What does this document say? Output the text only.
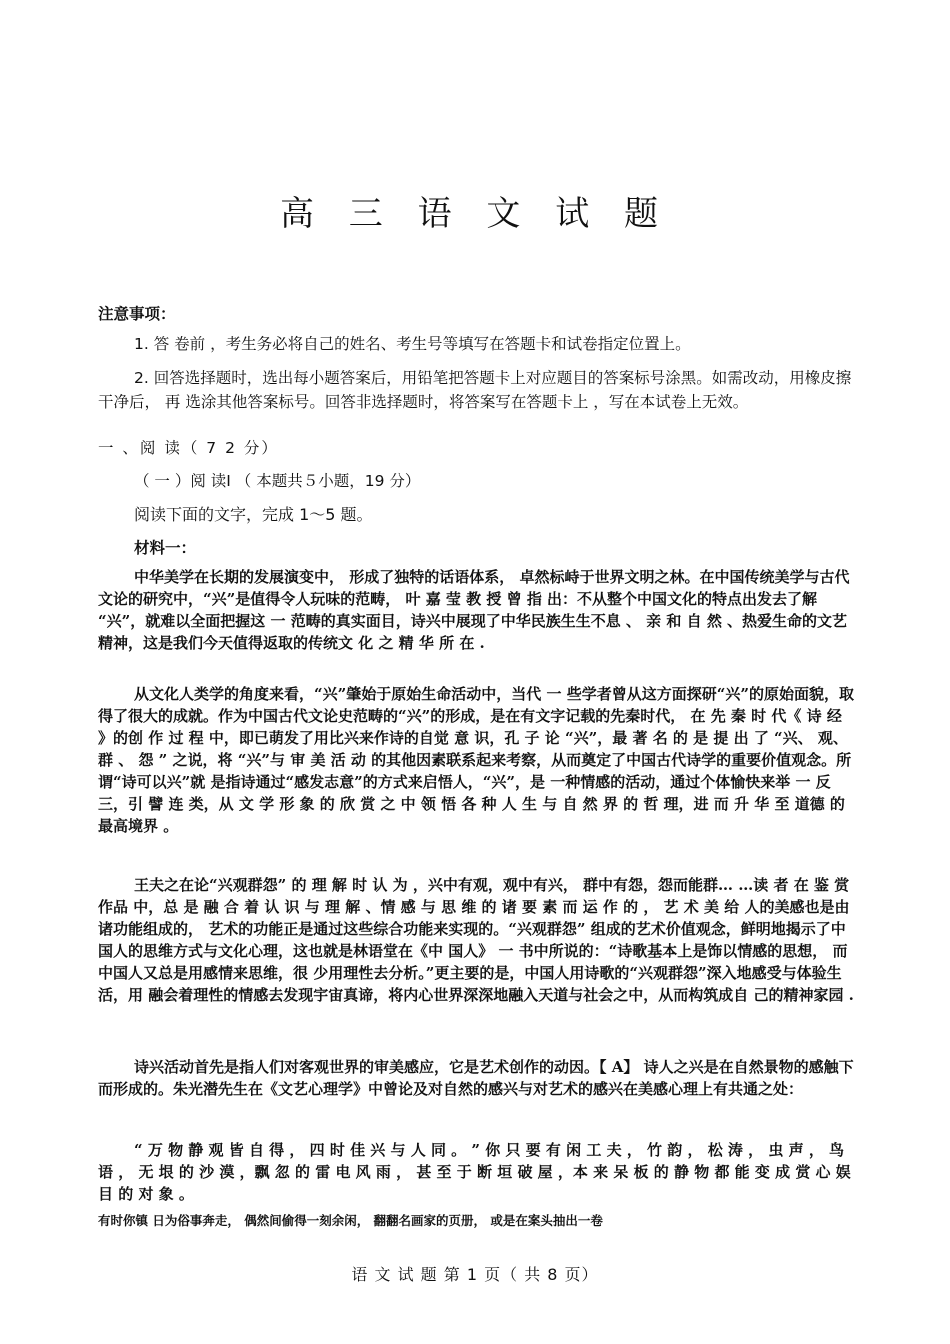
高 三 语 文 试 题
注意事项：
1. 答 卷前 ，考生务必将自己的姓名、考生号等填写在答题卡和试卷指定位置上。
2. 回答选择题时，选出每小题答案后，用铅笔把答题卡上对应题目的答案标号涂黑。如需改动，用橡皮擦干净后， 再 选涂其他答案标号。回答非选择题时，将答案写在答题卡上 ，写在本试卷上无效。
一 、阅 读（ 7 2 分）
（ 一 ）阅 读Ⅰ （ 本题共５小题，19 分）
阅读下面的文字，完成 1～5 题。
材料一：
中华美学在长期的发展演变中， 形成了独特的话语体系， 卓然标峙于世界文明之林。在中国传统美学与古代文论的研究中，“兴”是值得令人玩味的范畴， 叶 嘉 莹 教 授 曾 指 出：不从整个中国文化的特点出发去了解 “兴”，就难以全面把握这 一 范畴的真实面目，诗兴中展现了中华民族生生不息 、 亲 和 自 然 、热爱生命的文艺精神，这是我们今天值得返取的传统文 化 之 精 华 所 在 .
从文化人类学的角度来看，“兴”肇始于原始生命活动中，当代 一 些学者曾从这方面探研“兴”的原始面貌，取得了很大的成就。作为中国古代文论史范畴的“兴”的形成，是在有文字记载的先秦时代， 在 先 秦 时 代《 诗 经 》的创 作 过 程 中，即已萌发了用比兴来作诗的自觉 意 识，孔 子 论 “兴”，最 著 名 的 是 提 出 了 “兴、 观、 群 、 怨 ” 之说，将 “兴”与 审 美 活 动 的其他因素联系起来考察，从而奠定了中国古代诗学的重要价值观念。所谓“诗可以兴”就 是指诗通过“感发志意”的方式来启悟人，“兴”，是 一种情感的活动，通过个体愉快来举 一 反三，引 譬 连 类，从 文 学 形 象 的 欣 赏 之 中 领 悟 各 种 人 生 与 自 然 界 的 哲 理，进 而 升 华 至 道德 的最高境界 。
王夫之在论“兴观群怨” 的 理 解 时 认 为 ，兴中有观，观中有兴， 群中有怨，怨而能群… …读 者 在 鉴 赏 作品 中，总 是 融 合 着 认 识 与 理 解 、情 感 与 思 维 的 诸 要 素 而 运 作 的 ， 艺 术 美 给 人的美感也是由诸功能组成的， 艺术的功能正是通过这些综合功能来实现的。“兴观群怨” 组成的艺术价值观念，鲜明地揭示了中国人的思维方式与文化心理，这也就是林语堂在《中 国人》 一 书中所说的：“诗歌基本上是饰以情感的思想， 而中国人又总是用感情来思维，很 少用理性去分析。”更主要的是，中国人用诗歌的“兴观群怨”深入地感受与体验生活，用 融会着理性的情感去发现宇宙真谛，将内心世界深深地融入天道与社会之中，从而构筑成自 己的精神家园 .
诗兴活动首先是指人们对客观世界的审美感应，它是艺术创作的动因。【 A】 诗人之兴是在自然景物的感触下而形成的。朱光潜先生在《文艺心理学》中曾论及对自然的感兴与对艺术的感兴在美感心理上有共通之处：
“ 万 物 静 观 皆 自 得 ， 四 时 佳 兴 与 人 同 。 ” 你 只 要 有 闲 工 夫 ， 竹 韵 ， 松 涛 ， 虫 声 ， 鸟 语 ， 无 垠 的 沙 漠 ，飘 忽 的 雷 电 风 雨 ， 甚 至 于 断 垣 破 屋 ，本 来 呆 板 的 静 物 都 能 变 成 赏 心 娱 目 的 对 象 。
有时你镇 日为俗事奔走， 偶然间偷得一刻余闲， 翻翻名画家的页册， 或是在案头抽出一卷
语 文 试 题 第 1 页（ 共 8 页）
